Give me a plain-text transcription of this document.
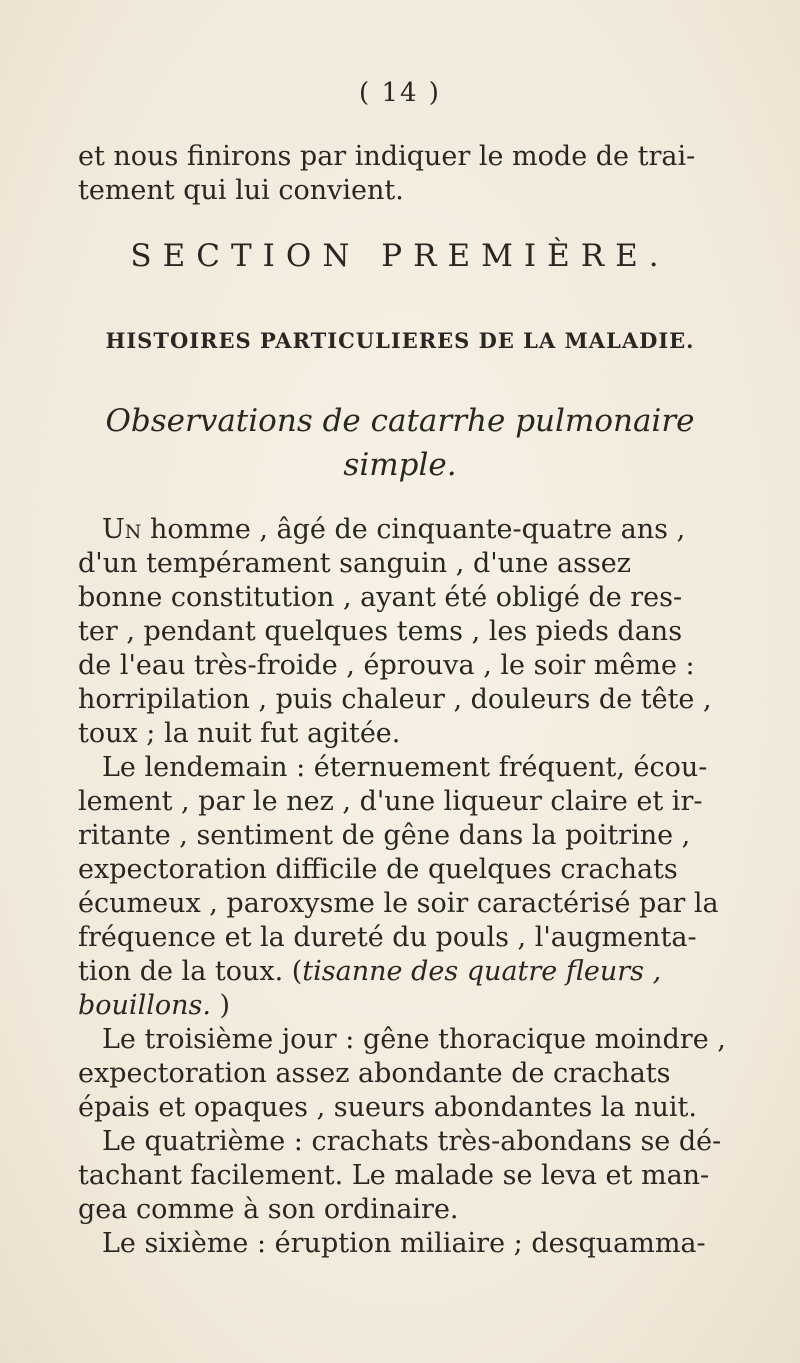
( 14 )
et nous finirons par indiquer le mode de trai-
tement qui lui convient.
SECTION PREMIÈRE.
HISTOIRES PARTICULIERES DE LA MALADIE.
Observations de catarrhe pulmonaire
simple.
Un homme , âgé de cinquante-quatre ans ,
d'un tempérament sanguin , d'une assez
bonne constitution , ayant été obligé de res-
ter , pendant quelques tems , les pieds dans
de l'eau très-froide , éprouva , le soir même :
horripilation , puis chaleur , douleurs de tête ,
toux ; la nuit fut agitée.
Le lendemain : éternuement fréquent, écou-
lement , par le nez , d'une liqueur claire et ir-
ritante , sentiment de gêne dans la poitrine ,
expectoration difficile de quelques crachats
écumeux , paroxysme le soir caractérisé par la
fréquence et la dureté du pouls , l'augmenta-
tion de la toux. (tisanne des quatre fleurs ,
bouillons. )
Le troisième jour : gêne thoracique moindre ,
expectoration assez abondante de crachats
épais et opaques , sueurs abondantes la nuit.
Le quatrième : crachats très-abondans se dé-
tachant facilement. Le malade se leva et man-
gea comme à son ordinaire.
Le sixième : éruption miliaire ; desquamma-
